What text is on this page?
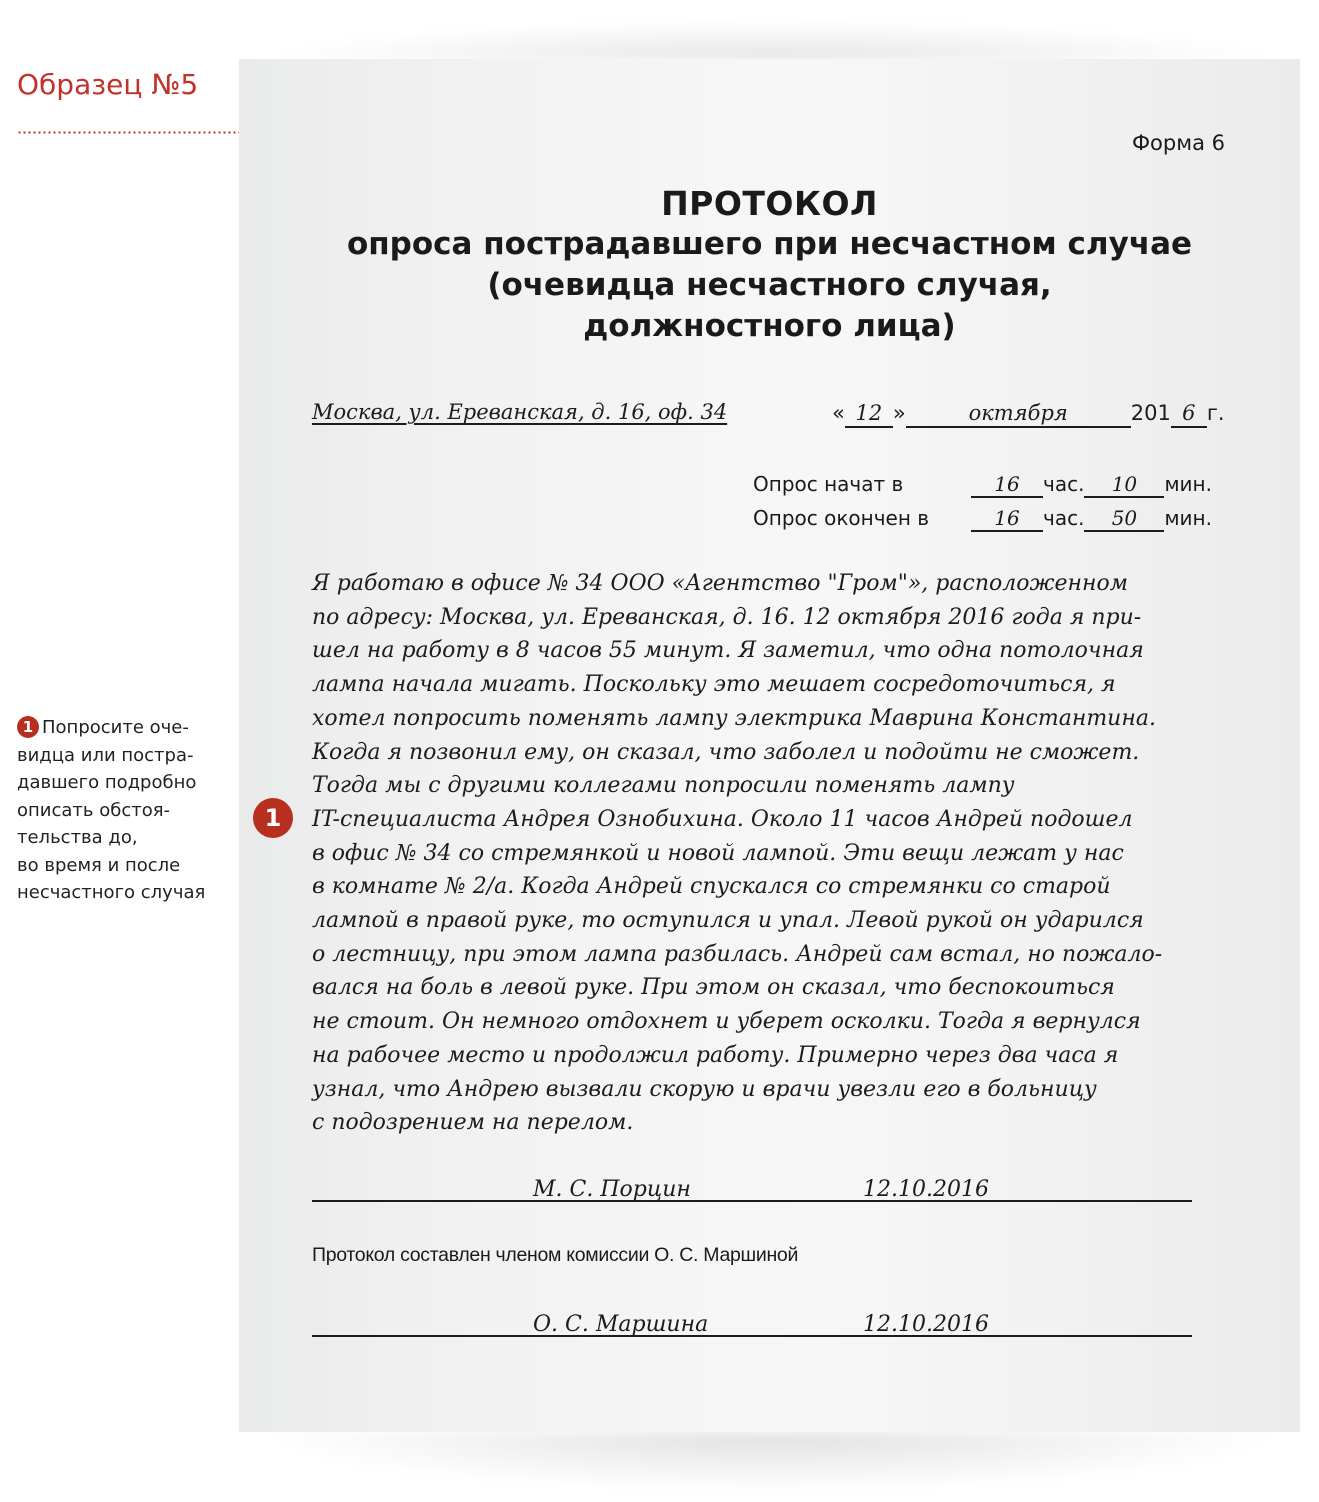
Образец №5
1 Попросите оче-
видца или постра-
давшего подробно
описать обстоя-
тельства до,
во время и после
несчастного случая
Форма 6
ПРОТОКОЛ
опроса пострадавшего при несчастном случае
(очевидца несчастного случая,
должностного лица)
Москва, ул. Ереванская, д. 16, оф. 34	« 12 »	октября	201 6 г.
Опрос начат в	16 час. 10 мин.
Опрос окончен в	16 час. 50 мин.
Я работаю в офисе № 34 ООО «Агентство "Гром"», расположенном
по адресу: Москва, ул. Ереванская, д. 16. 12 октября 2016 года я при-
шел на работу в 8 часов 55 минут. Я заметил, что одна потолочная
лампа начала мигать. Поскольку это мешает сосредоточиться, я
хотел попросить поменять лампу электрика Маврина Константина.
Когда я позвонил ему, он сказал, что заболел и подойти не сможет.
Тогда мы с другими коллегами попросили поменять лампу
IT-специалиста Андрея Ознобихина. Около 11 часов Андрей подошел
в офис № 34 со стремянкой и новой лампой. Эти вещи лежат у нас
в комнате № 2/а. Когда Андрей спускался со стремянки со старой
лампой в правой руке, то оступился и упал. Левой рукой он ударился
о лестницу, при этом лампа разбилась. Андрей сам встал, но пожало-
вался на боль в левой руке. При этом он сказал, что беспокоиться
не стоит. Он немного отдохнет и уберет осколки. Тогда я вернулся
на рабочее место и продолжил работу. Примерно через два часа я
узнал, что Андрею вызвали скорую и врачи увезли его в больницу
с подозрением на перелом.
М. С. Порцин	12.10.2016
Протокол составлен членом комиссии О. С. Маршиной
О. С. Маршина	12.10.2016
1
